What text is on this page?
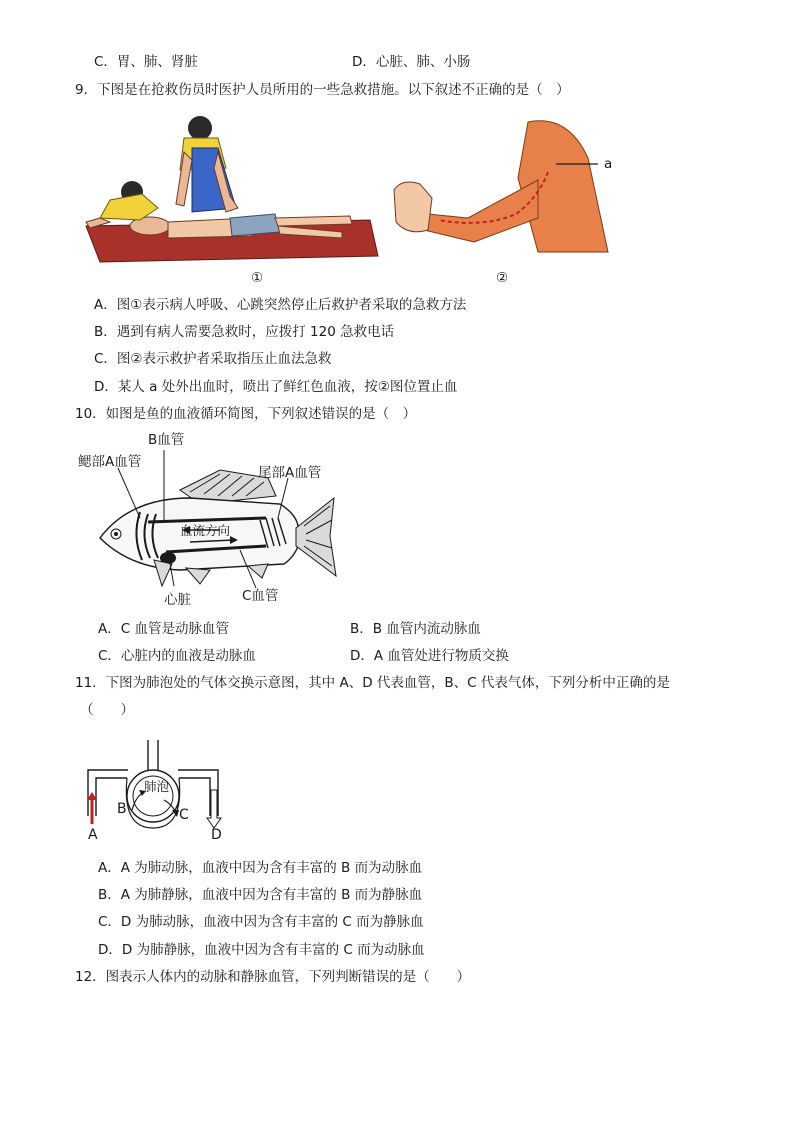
C．胃、肺、肾脏	D．心脏、肺、小肠
9．下图是在抢救伤员时医护人员所用的一些急救措施。以下叙述不正确的是（　）
①
a
②
A．图①表示病人呼吸、心跳突然停止后救护者采取的急救方法
B．遇到有病人需要急救时，应拨打 120 急救电话
C．图②表示救护者采取指压止血法急救
D．某人 a 处外出血时，喷出了鲜红色血液，按②图位置止血
10．如图是鱼的血液循环简图，下列叙述错误的是（　）
B血管
鳃部A血管
尾部A血管
血流方向
心脏	C血管
A．C 血管是动脉血管	B．B 血管内流动脉血
C．心脏内的血液是动脉血	D．A 血管处进行物质交换
11．下图为肺泡处的气体交换示意图，其中 A、D 代表血管，B、C 代表气体，下列分析中正确的是
（　　）
肺泡
A
B	C
D
A．A 为肺动脉，血液中因为含有丰富的 B 而为动脉血
B．A 为肺静脉，血液中因为含有丰富的 B 而为静脉血
C．D 为肺动脉，血液中因为含有丰富的 C 而为静脉血
D．D 为肺静脉，血液中因为含有丰富的 C 而为动脉血
12．图表示人体内的动脉和静脉血管，下列判断错误的是（　　）
